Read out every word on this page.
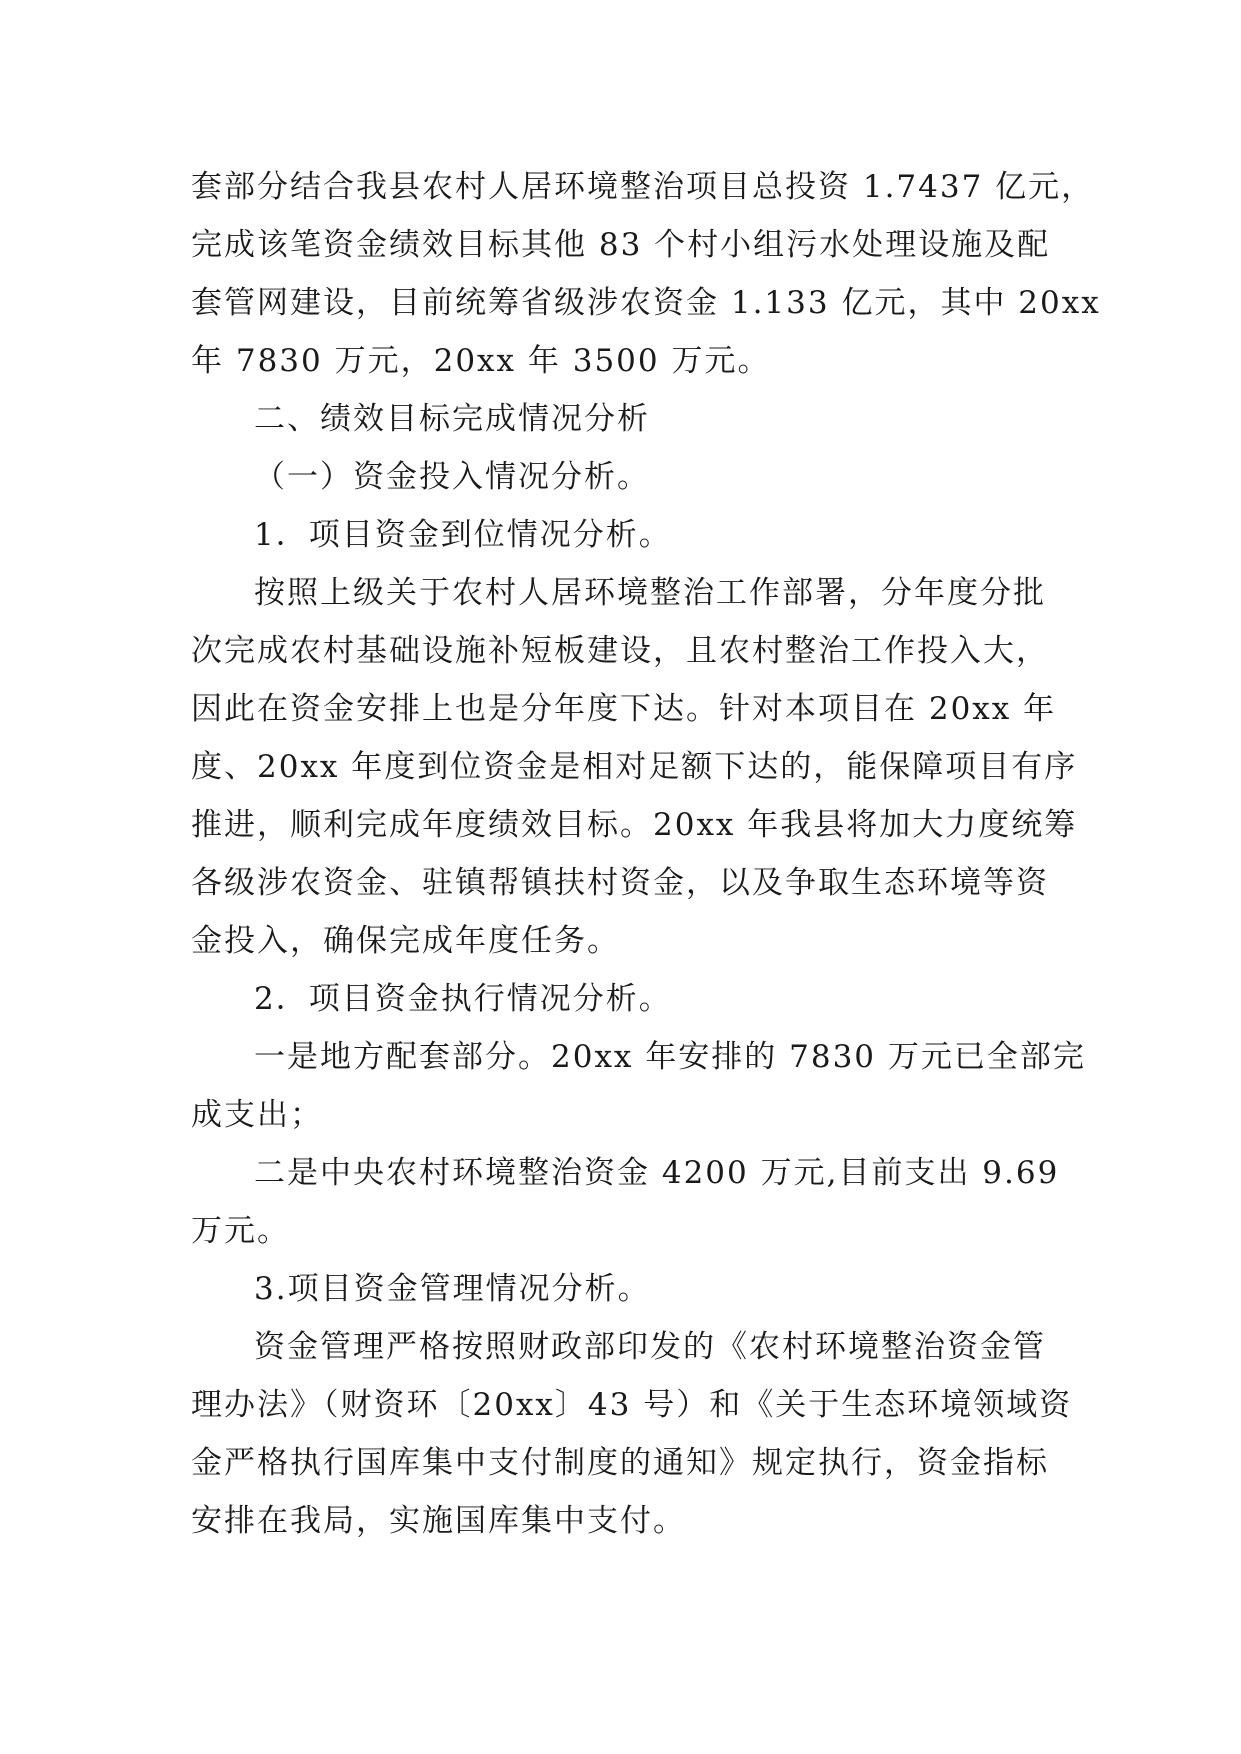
套部分结合我县农村人居环境整治项目总投资 1.7437 亿元，
完成该笔资金绩效目标其他 83 个村小组污水处理设施及配
套管网建设，目前统筹省级涉农资金 1.133 亿元，其中 20xx
年 7830 万元，20xx 年 3500 万元。
二、绩效目标完成情况分析
（一）资金投入情况分析。
1．项目资金到位情况分析。
按照上级关于农村人居环境整治工作部署，分年度分批
次完成农村基础设施补短板建设，且农村整治工作投入大，
因此在资金安排上也是分年度下达。针对本项目在 20xx 年
度、20xx 年度到位资金是相对足额下达的，能保障项目有序
推进，顺利完成年度绩效目标。20xx 年我县将加大力度统筹
各级涉农资金、驻镇帮镇扶村资金，以及争取生态环境等资
金投入，确保完成年度任务。
2．项目资金执行情况分析。
一是地方配套部分。20xx 年安排的 7830 万元已全部完
成支出；
二是中央农村环境整治资金 4200 万元,目前支出 9.69
万元。
3.项目资金管理情况分析。
资金管理严格按照财政部印发的《农村环境整治资金管
理办法》（财资环〔20xx〕43 号）和《关于生态环境领域资
金严格执行国库集中支付制度的通知》规定执行，资金指标
安排在我局，实施国库集中支付。
